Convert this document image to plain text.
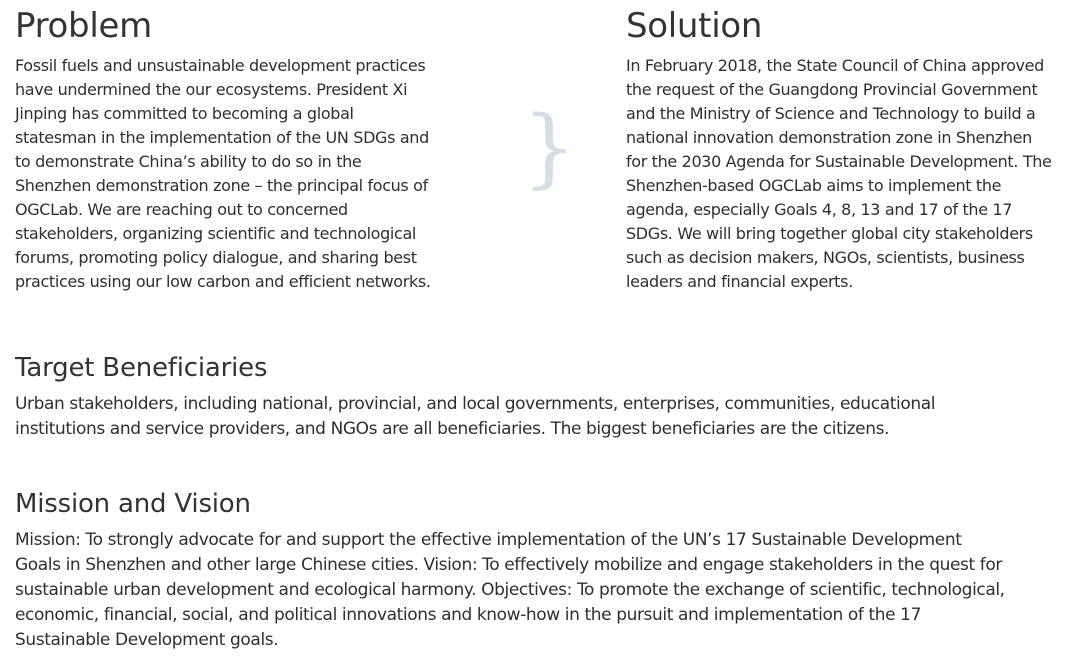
Problem

Fossil fuels and unsustainable development practices
have undermined the our ecosystems. President Xi
Jinping has committed to becoming a global
statesman in the implementation of the UN SDGs and
to demonstrate China’s ability to do so in the
Shenzhen demonstration zone – the principal focus of
OGCLab. We are reaching out to concerned
stakeholders, organizing scientific and technological
forums, promoting policy dialogue, and sharing best
practices using our low carbon and efficient networks.

}
Solution

In February 2018, the State Council of China approved
the request of the Guangdong Provincial Government
and the Ministry of Science and Technology to build a
national innovation demonstration zone in Shenzhen
for the 2030 Agenda for Sustainable Development. The
Shenzhen-based OGCLab aims to implement the
agenda, especially Goals 4, 8, 13 and 17 of the 17
SDGs. We will bring together global city stakeholders
such as decision makers, NGOs, scientists, business
leaders and financial experts.

Target Beneficiaries

Urban stakeholders, including national, provincial, and local governments, enterprises, communities, educational
institutions and service providers, and NGOs are all beneficiaries. The biggest beneficiaries are the citizens.

Mission and Vision

Mission: To strongly advocate for and support the effective implementation of the UN’s 17 Sustainable Development
Goals in Shenzhen and other large Chinese cities. Vision: To effectively mobilize and engage stakeholders in the quest for
sustainable urban development and ecological harmony. Objectives: To promote the exchange of scientific, technological,
economic, financial, social, and political innovations and know-how in the pursuit and implementation of the 17
Sustainable Development goals.
